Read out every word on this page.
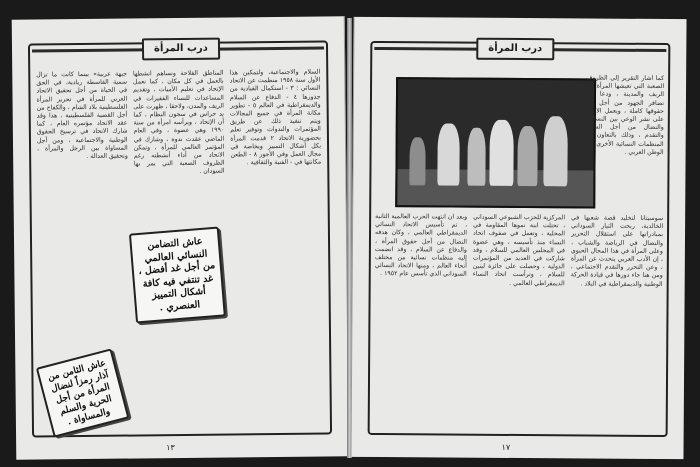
درب المرأة
السلام والاجتماعية، ولتمكين هذا الأول سنة ١٩٥٨ منظمت عن الاتحاد النسائي : ٣ - استكمال القيادية من جذورها ٤ - الدفاع عن السلام والديمقراطية في العالم ٥ - تطوير مكانة المرأة في جميع المجالات ويتم تنفيذ ذلك عن طريق المؤتمرات والندوات وتوفير تعلم بحضورية الاتحاد ٢ قدمت المرأة بكل أشكال التمييز ويخاصة في مجال العمل وفي الأجور ٨ - الطعن مكانتها في - الفنية والثقافية .
المناطق الفلاحة ونساهم أنشطها بالعمل في كل مكان ، كما نعمل الإتحاد في تعليم الأميات ، وتقديم المساعدات للنساء الفقيرات في الريف والمدن، ولاحقا ، ظهرت على يد حراس في سجون النظام ، كما أن الإتحاد ، ويرأسه امرأة من سنة ١٩٩٠ وهي عضوة ، وفي العام الماضي عقدت ندوة ، وشارك في المؤتمر العالمي للمرأة ، وتمكن الاتحاد من أداء أنشطته رغم الظروف الصعبة التي يمر بها السودان .
جبهة عربية» بينما كانت ما تزال سمية الفاسطة ريادية، في الحق في الحياة من أجل تحقيق الاتحاد العربي للمرأة في تحرير المرأة الفلسطينية بلاد الشام ، والكفاح من أجل القضية الفلسطينية ، هذا وقد عقد الاتحاد مؤتمره العام ، كما شارك الاتحاد في ترسيخ الحقوق الوطنية والاجتماعية ، ومن أجل المساواة بين الرجل والمرأة ، وتحقيق العدالة .
عاش التضامن النسائي العالمي من أجل غد أفضل ، غد تنتفي فيه كافة أشكال التمييز العنصري .
عاش الثامن من آذار رمزاً لنضال المرأة من أجل الحرية والسلم والمساواة .
١٣
درب المرأة
كما أشار التقرير إلى الظروف الصعبة التي تعيشها المرأة في الريف والمدينة ، ودعا إلى تضافر الجهود من أجل نيل حقوقها كاملة ، ويعمل الاتحاد على نشر الوعي بين النساء ، والنضال من أجل السلام والتقدم ، وذلك بالتعاون مع المنظمات النسائية الأخرى في الوطن العربي .
سوسيتانا لتخليد قصة شعبها في الخالدية، ربحت التيار السوداني بمبادراتها على استقلال التحرير والنضال في الرياضة والشباب ، وعلى المرأة في هذا المجال الحيوي ، إن الأدب العربي يتحدث عن المرأة ، وعن التحرر والتقدم الاجتماعي ، ومن هنا جاء دورها في قيادة الحركة الوطنية والديمقراطية في البلاد .
المركزية للحزب الشيوعي السوداني ، تحتلت ابنة نموها المقاومة في المحلية ، وتعمل في صفوف اتحاد النساء منذ تأسيسه ، وهي عضوة في المجلس العالمي للسلام ، وقد شاركت في العديد من المؤتمرات الدولية ، وحصلت على جائزة لينين للسلام ، وترأست اتحاد النساء الديمقراطي العالمي .
وبعد أن انتهت الحرب العالمية الثانية ، تم تأسيس الاتحاد النسائي الديمقراطي العالمي ، وكان هدفه النضال من أجل حقوق المرأة ، والدفاع عن السلام ، وقد انضمت إليه منظمات نسائية من مختلف أنحاء العالم ، ومنها الاتحاد النسائي السوداني الذي تأسس عام ١٩٥٢ .
١٧
